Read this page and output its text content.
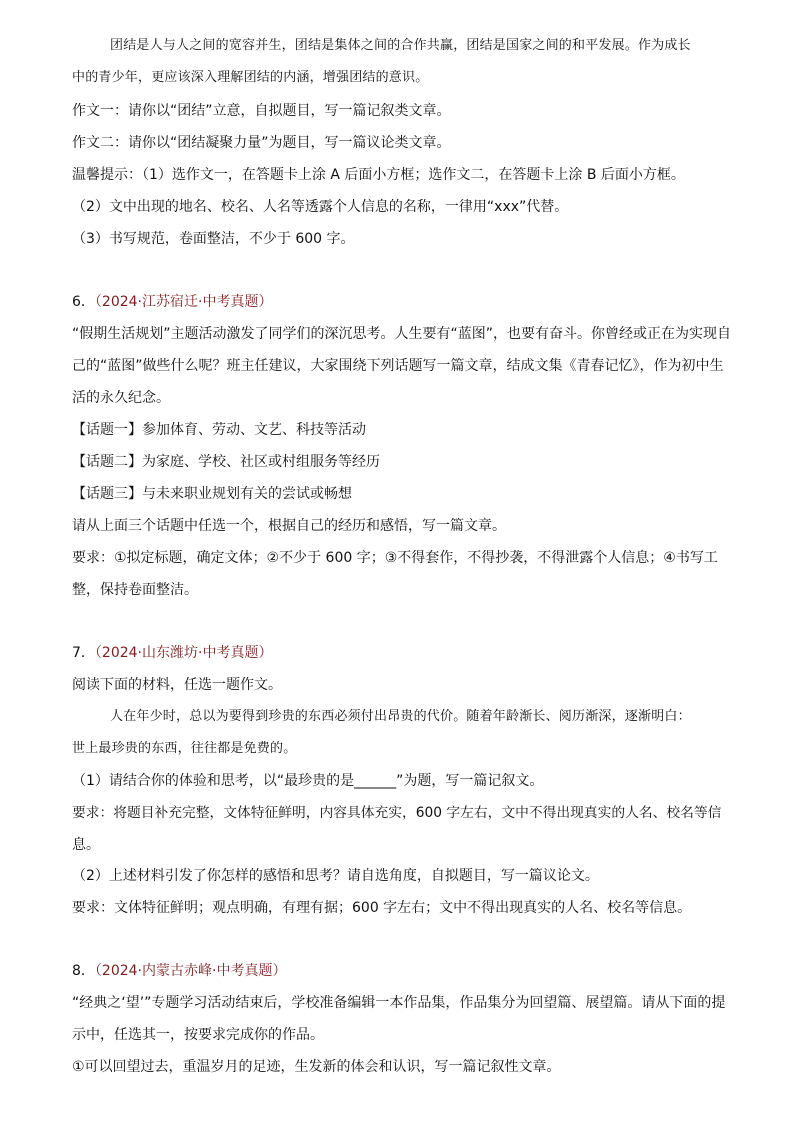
团结是人与人之间的宽容并生，团结是集体之间的合作共赢，团结是国家之间的和平发展。作为成长
中的青少年，更应该深入理解团结的内涵，增强团结的意识。
作文一：请你以“团结”立意，自拟题目，写一篇记叙类文章。
作文二：请你以“团结凝聚力量”为题目，写一篇议论类文章。
温馨提示：（1）选作文一，在答题卡上涂 A 后面小方框；选作文二，在答题卡上涂 B 后面小方框。
（2）文中出现的地名、校名、人名等透露个人信息的名称，一律用“xxx”代替。
（3）书写规范，卷面整洁，不少于 600 字。
6．（2024·江苏宿迁·中考真题）
“假期生活规划”主题活动激发了同学们的深沉思考。人生要有“蓝图”，也要有奋斗。你曾经或正在为实现自
己的“蓝图”做些什么呢？班主任建议，大家围绕下列话题写一篇文章，结成文集《青春记忆》，作为初中生
活的永久纪念。
【话题一】参加体育、劳动、文艺、科技等活动
【话题二】为家庭、学校、社区或村组服务等经历
【话题三】与未来职业规划有关的尝试或畅想
请从上面三个话题中任选一个，根据自己的经历和感悟，写一篇文章。
要求：①拟定标题，确定文体；②不少于 600 字；③不得套作，不得抄袭，不得泄露个人信息；④书写工
整，保持卷面整洁。
7．（2024·山东潍坊·中考真题）
阅读下面的材料，任选一题作文。
人在年少时，总以为要得到珍贵的东西必须付出昂贵的代价。随着年龄渐长、阅历渐深，逐渐明白：
世上最珍贵的东西，往往都是免费的。
（1）请结合你的体验和思考，以“最珍贵的是______”为题，写一篇记叙文。
要求：将题目补充完整，文体特征鲜明，内容具体充实，600 字左右，文中不得出现真实的人名、校名等信
息。
（2）上述材料引发了你怎样的感悟和思考？请自选角度，自拟题目，写一篇议论文。
要求：文体特征鲜明；观点明确，有理有据；600 字左右；文中不得出现真实的人名、校名等信息。
8．（2024·内蒙古赤峰·中考真题）
“经典之‘望’”专题学习活动结束后，学校准备编辑一本作品集，作品集分为回望篇、展望篇。请从下面的提
示中，任选其一，按要求完成你的作品。
①可以回望过去，重温岁月的足迹，生发新的体会和认识，写一篇记叙性文章。
